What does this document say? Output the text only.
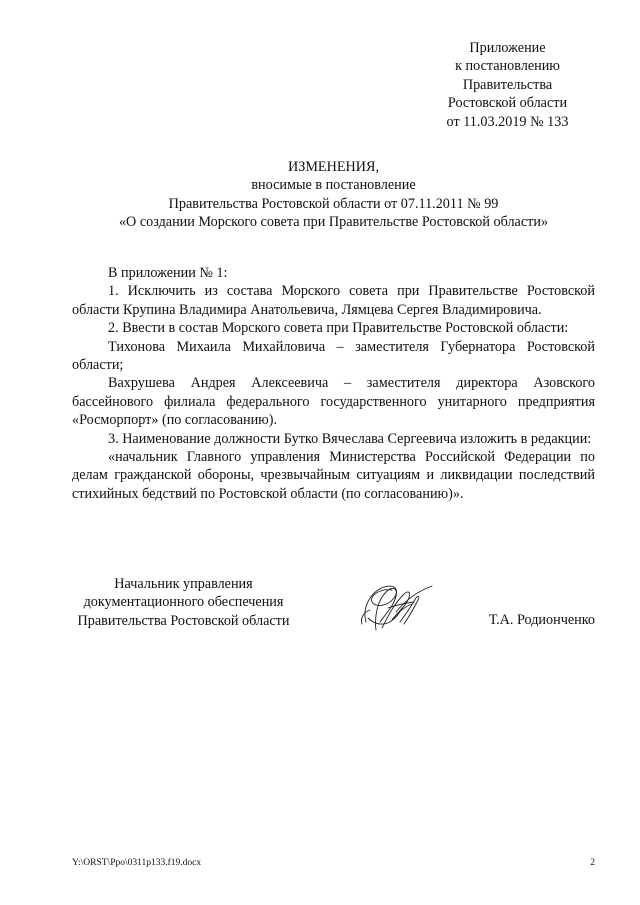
Приложение
к постановлению
Правительства
Ростовской области
от 11.03.2019 № 133
ИЗМЕНЕНИЯ,
вносимые в постановление
Правительства Ростовской области от 07.11.2011 № 99
«О создании Морского совета при Правительстве Ростовской области»

В приложении № 1:

1. Исключить из состава Морского совета при Правительстве Ростовской области Крупина Владимира Анатольевича, Лямцева Сергея Владимировича.

2. Ввести в состав Морского совета при Правительстве Ростовской области:

Тихонова Михаила Михайловича – заместителя Губернатора Ростовской области;

Вахрушева Андрея Алексеевича – заместителя директора Азовского бассейнового филиала федерального государственного унитарного предприятия «Росморпорт» (по согласованию).

3. Наименование должности Бутко Вячеслава Сергеевича изложить в редакции:

«начальник Главного управления Министерства Российской Федерации по делам гражданской обороны, чрезвычайным ситуациям и ликвидации последствий стихийных бедствий по Ростовской области (по согласованию)».

Начальник управления
документационного обеспечения
Правительства Ростовской области	Т.А. Родионченко
Y:\ORST\Ppo\0311p133.f19.docx	2
